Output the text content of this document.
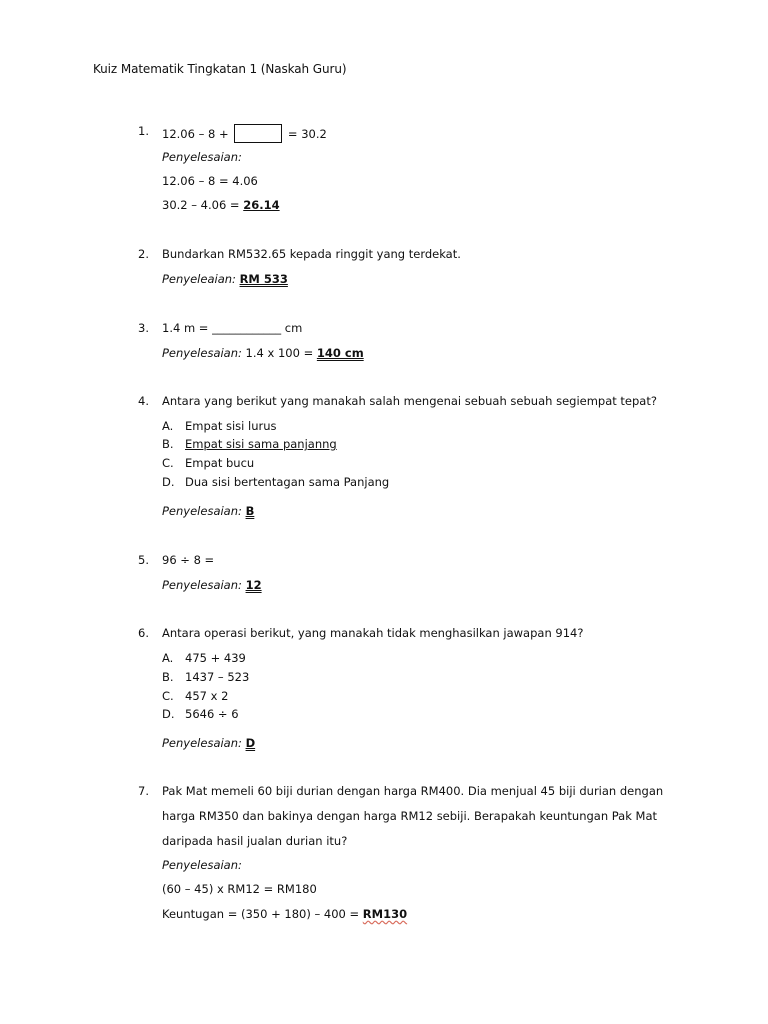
Kuiz Matematik Tingkatan 1 (Naskah Guru)
1.	12.06 – 8 +	= 30.2
Penyelesaian:
12.06 – 8 = 4.06
30.2 – 4.06 = 26.14
2.	Bundarkan RM532.65 kepada ringgit yang terdekat.
Penyeleaian: RM 533
3.	1.4 m = ____________ cm
Penyelesaian: 1.4 x 100 = 140 cm
4.	Antara yang berikut yang manakah salah mengenai sebuah sebuah segiempat tepat?
A.	Empat sisi lurus
B. Empat sisi sama panjanng
C. Empat bucu
D. Dua sisi bertentagan sama Panjang
Penyelesaian: B
5.	96 ÷ 8 =
Penyelesaian: 12
6.	Antara operasi berikut, yang manakah tidak menghasilkan jawapan 914?
A.	475 + 439
B. 1437 – 523
C. 457 x 2
D. 5646 ÷ 6
Penyelesaian: D
7.	Pak Mat memeli 60 biji durian dengan harga RM400. Dia menjual 45 biji durian dengan
harga RM350 dan bakinya dengan harga RM12 sebiji. Berapakah keuntungan Pak Mat
daripada hasil jualan durian itu?
Penyelesaian:
(60 – 45) x RM12 = RM180
Keuntugan = (350 + 180) – 400 = RM130
